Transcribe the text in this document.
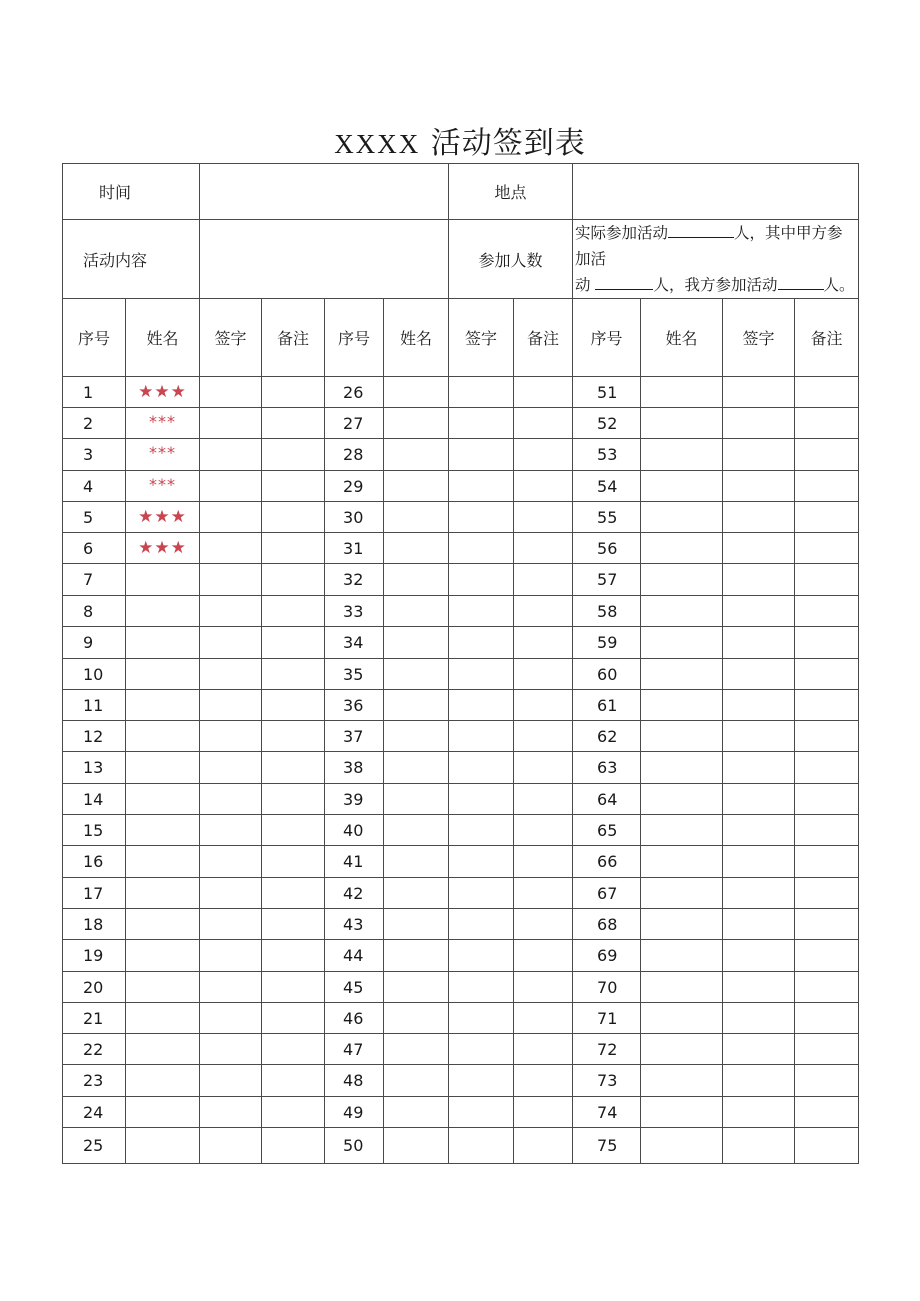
XXXX 活动签到表
时间						地点					
活动内容						参加人数		实际参加活动 人，其中甲方参加活
动 人，我方参加活动 人。			
序号	姓名	签字	备注	序号	姓名	签字	备注	序号	姓名	签字	备注
1	★★★			26				51			
2	***			27				52			
3	***			28				53			
4	***			29				54			
5	★★★			30				55			
6	★★★			31				56			
7				32				57			
8				33				58			
9				34				59			
10				35				60			
11				36				61			
12				37				62			
13				38				63			
14				39				64			
15				40				65			
16				41				66			
17				42				67			
18				43				68			
19				44				69			
20				45				70			
21				46				71			
22				47				72			
23				48				73			
24				49				74			
25				50				75			
